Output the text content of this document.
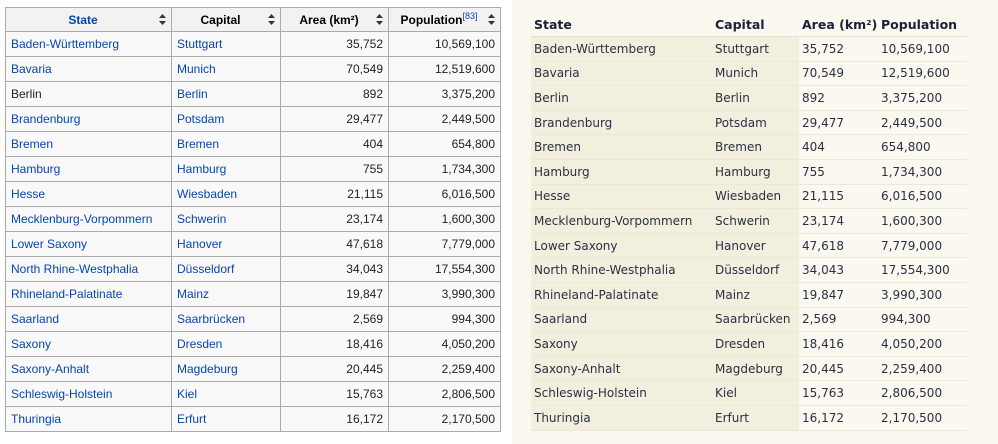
State	Capital	Area (km²)	Population[83]

Baden-Württemberg	Stuttgart	35,752	10,569,100
Bavaria	Munich	70,549	12,519,600
Berlin	Berlin	892	3,375,200
Brandenburg	Potsdam	29,477	2,449,500
Bremen	Bremen	404	654,800
Hamburg	Hamburg	755	1,734,300
Hesse	Wiesbaden	21,115	6,016,500
Mecklenburg-Vorpommern	Schwerin	23,174	1,600,300
Lower Saxony	Hanover	47,618	7,779,000
North Rhine-Westphalia	Düsseldorf	34,043	17,554,300
Rhineland-Palatinate	Mainz	19,847	3,990,300
Saarland	Saarbrücken	2,569	994,300
Saxony	Dresden	18,416	4,050,200
Saxony-Anhalt	Magdeburg	20,445	2,259,400
Schleswig-Holstein	Kiel	15,763	2,806,500
Thuringia	Erfurt	16,172	2,170,500
State	Capital	Area (km²)	Population
Baden-Württemberg	Stuttgart	35,752	10,569,100
Bavaria	Munich	70,549	12,519,600
Berlin	Berlin	892	3,375,200
Brandenburg	Potsdam	29,477	2,449,500
Bremen	Bremen	404	654,800
Hamburg	Hamburg	755	1,734,300
Hesse	Wiesbaden	21,115	6,016,500
Mecklenburg-Vorpommern	Schwerin	23,174	1,600,300
Lower Saxony	Hanover	47,618	7,779,000
North Rhine-Westphalia	Düsseldorf	34,043	17,554,300
Rhineland-Palatinate	Mainz	19,847	3,990,300
Saarland	Saarbrücken	2,569	994,300
Saxony	Dresden	18,416	4,050,200
Saxony-Anhalt	Magdeburg	20,445	2,259,400
Schleswig-Holstein	Kiel	15,763	2,806,500
Thuringia	Erfurt	16,172	2,170,500
